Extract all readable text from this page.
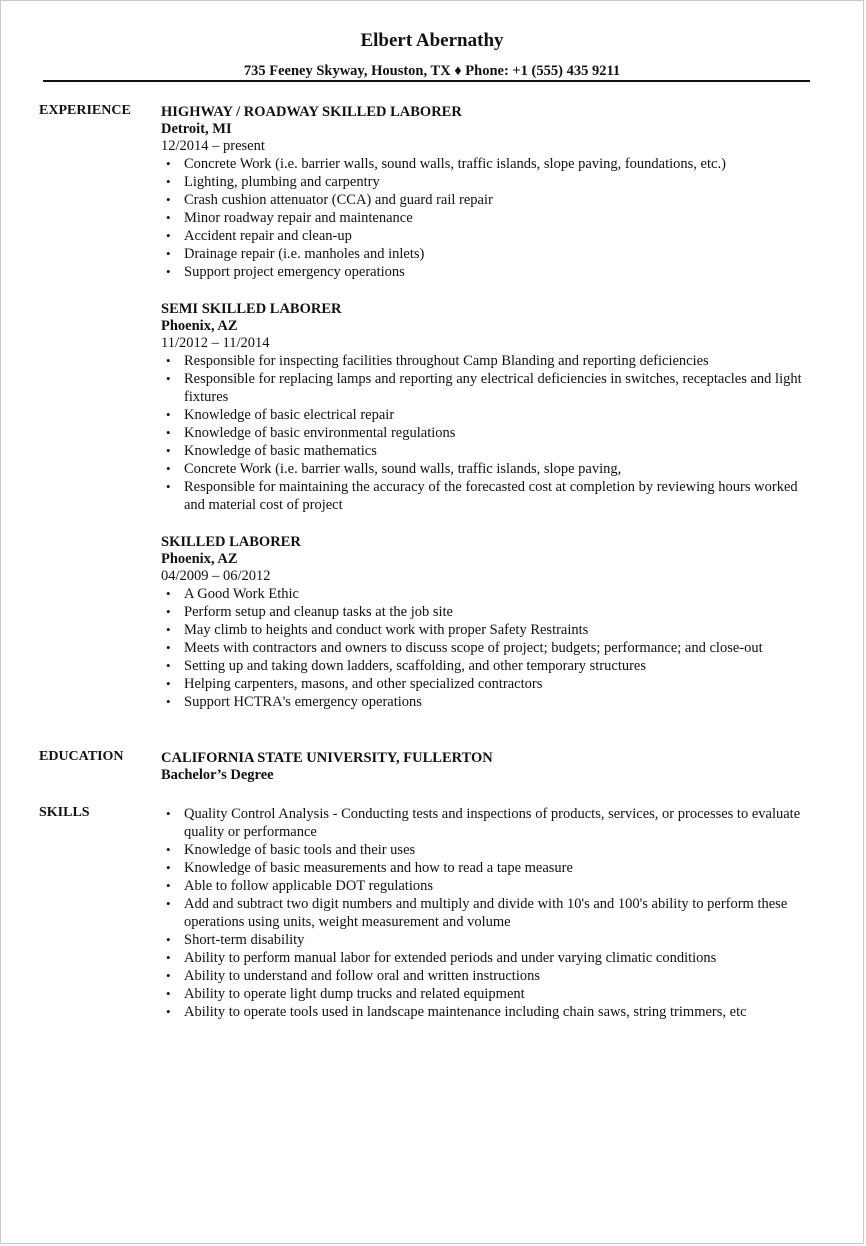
Elbert Abernathy
735 Feeney Skyway, Houston, TX ♦ Phone: +1 (555) 435 9211
EXPERIENCE HIGHWAY / ROADWAY SKILLED LABORER
Detroit, MI
12/2014 – present
• Concrete Work (i.e. barrier walls, sound walls, traffic islands, slope paving, foundations, etc.)
• Lighting, plumbing and carpentry
• Crash cushion attenuator (CCA) and guard rail repair
• Minor roadway repair and maintenance
• Accident repair and clean-up
• Drainage repair (i.e. manholes and inlets)
• Support project emergency operations
SEMI SKILLED LABORER
Phoenix, AZ
11/2012 – 11/2014
• Responsible for inspecting facilities throughout Camp Blanding and reporting deficiencies
• Responsible for replacing lamps and reporting any electrical deficiencies in switches, receptacles and light fixtures
• Knowledge of basic electrical repair
• Knowledge of basic environmental regulations
• Knowledge of basic mathematics
• Concrete Work (i.e. barrier walls, sound walls, traffic islands, slope paving,
• Responsible for maintaining the accuracy of the forecasted cost at completion by reviewing hours worked and material cost of project
SKILLED LABORER
Phoenix, AZ
04/2009 – 06/2012
• A Good Work Ethic
• Perform setup and cleanup tasks at the job site
• May climb to heights and conduct work with proper Safety Restraints
• Meets with contractors and owners to discuss scope of project; budgets; performance; and close-out
• Setting up and taking down ladders, scaffolding, and other temporary structures
• Helping carpenters, masons, and other specialized contractors
• Support HCTRA's emergency operations
EDUCATION	CALIFORNIA STATE UNIVERSITY, FULLERTON
Bachelor’s Degree
SKILLS
•	Quality Control Analysis - Conducting tests and inspections of products, services, or processes to evaluate quality or performance
• Knowledge of basic tools and their uses
• Knowledge of basic measurements and how to read a tape measure
• Able to follow applicable DOT regulations
• Add and subtract two digit numbers and multiply and divide with 10's and 100's ability to perform these operations using units, weight measurement and volume
• Short-term disability
• Ability to perform manual labor for extended periods and under varying climatic conditions
• Ability to understand and follow oral and written instructions
• Ability to operate light dump trucks and related equipment
• Ability to operate tools used in landscape maintenance including chain saws, string trimmers, etc
